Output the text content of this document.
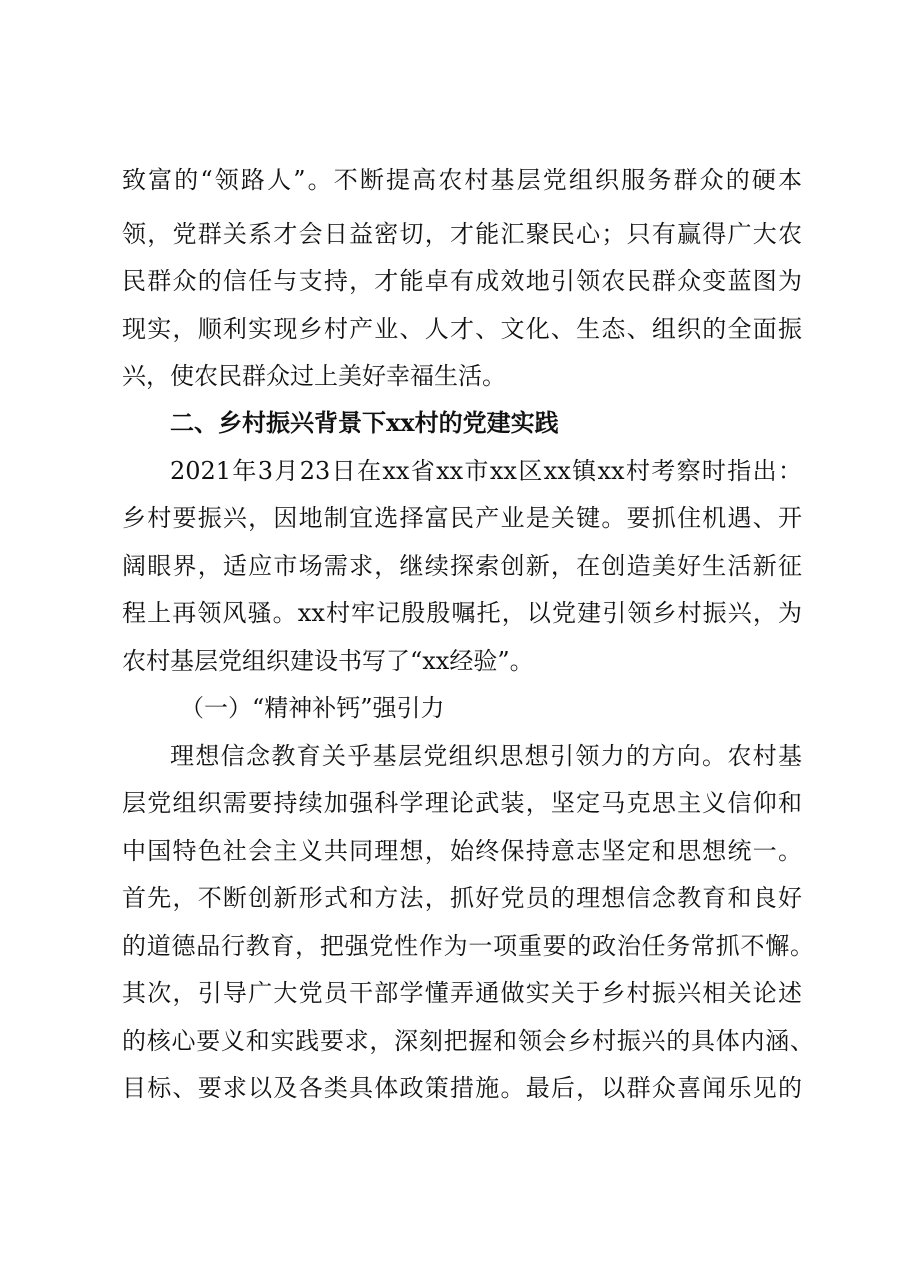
致富的“领路人”。不断提高农村基层党组织服务群众的硬本
领，党群关系才会日益密切，才能汇聚民心；只有赢得广大农
民群众的信任与支持，才能卓有成效地引领农民群众变蓝图为
现实，顺利实现乡村产业、人才、文化、生态、组织的全面振
兴，使农民群众过上美好幸福生活。
二、乡村振兴背景下xx村的党建实践
2021年3月23日在xx省xx市xx区xx镇xx村考察时指出：
乡村要振兴，因地制宜选择富民产业是关键。要抓住机遇、开
阔眼界，适应市场需求，继续探索创新，在创造美好生活新征
程上再领风骚。xx村牢记殷殷嘱托，以党建引领乡村振兴，为
农村基层党组织建设书写了“xx经验”。
（一）“精神补钙”强引力
理想信念教育关乎基层党组织思想引领力的方向。农村基
层党组织需要持续加强科学理论武装，坚定马克思主义信仰和
中国特色社会主义共同理想，始终保持意志坚定和思想统一。
首先，不断创新形式和方法，抓好党员的理想信念教育和良好
的道德品行教育，把强党性作为一项重要的政治任务常抓不懈。
其次，引导广大党员干部学懂弄通做实关于乡村振兴相关论述
的核心要义和实践要求，深刻把握和领会乡村振兴的具体内涵、
目标、要求以及各类具体政策措施。最后，以群众喜闻乐见的
